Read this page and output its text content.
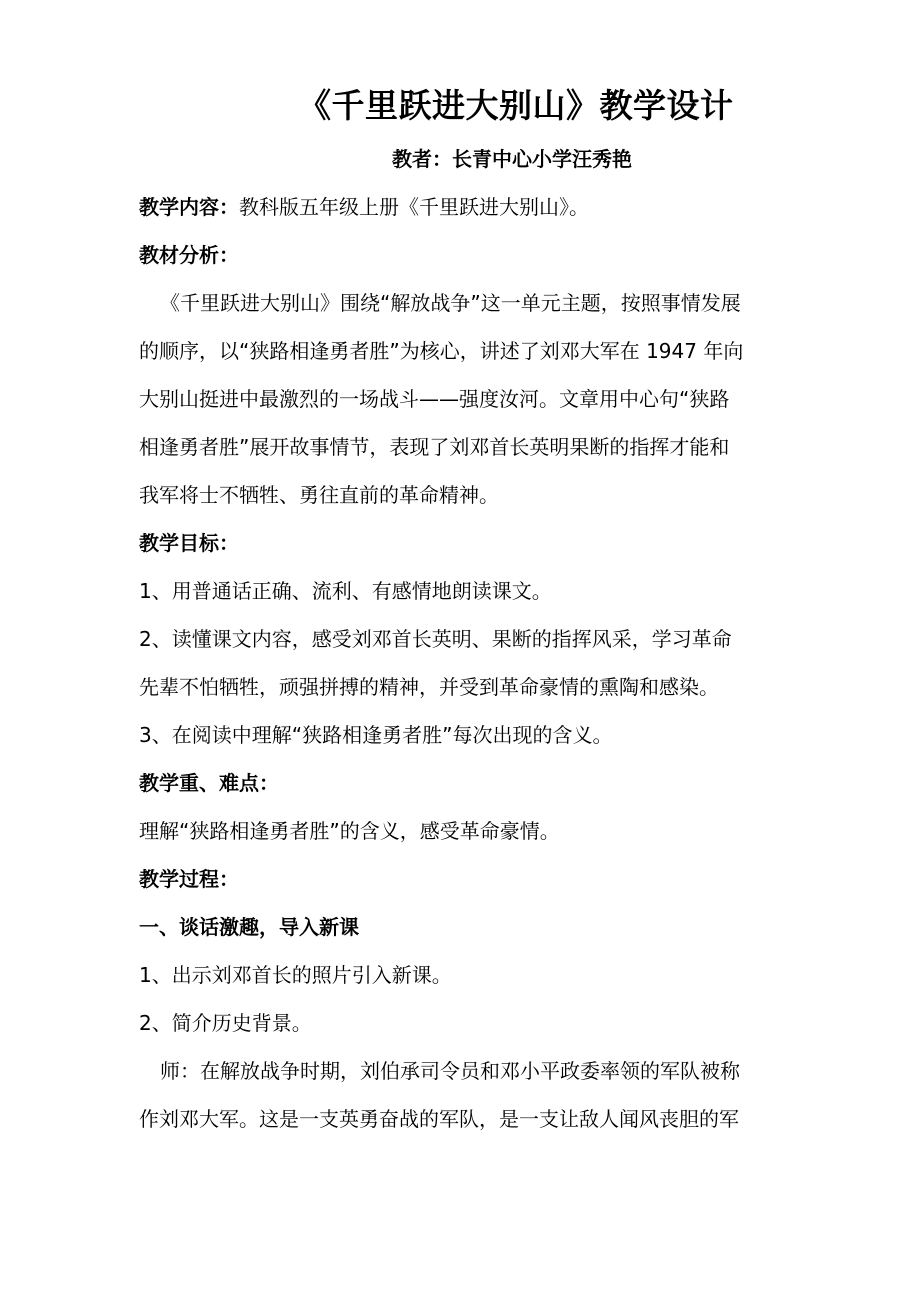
《千里跃进大别山》教学设计
教者：长青中心小学汪秀艳
教学内容：教科版五年级上册《千里跃进大别山》。
教材分析：
《千里跃进大别山》围绕“解放战争”这一单元主题，按照事情发展
的顺序，以“狭路相逢勇者胜”为核心，讲述了刘邓大军在 1947 年向
大别山挺进中最激烈的一场战斗——强度汝河。文章用中心句“狭路
相逢勇者胜”展开故事情节，表现了刘邓首长英明果断的指挥才能和
我军将士不牺牲、勇往直前的革命精神。
教学目标：
1、用普通话正确、流利、有感情地朗读课文。
2、读懂课文内容，感受刘邓首长英明、果断的指挥风采，学习革命
先辈不怕牺牲，顽强拼搏的精神，并受到革命豪情的熏陶和感染。
3、在阅读中理解“狭路相逢勇者胜”每次出现的含义。
教学重、难点：
理解“狭路相逢勇者胜”的含义，感受革命豪情。
教学过程：
一、谈话激趣，导入新课
1、出示刘邓首长的照片引入新课。
2、简介历史背景。
师：在解放战争时期，刘伯承司令员和邓小平政委率领的军队被称
作刘邓大军。这是一支英勇奋战的军队，是一支让敌人闻风丧胆的军
